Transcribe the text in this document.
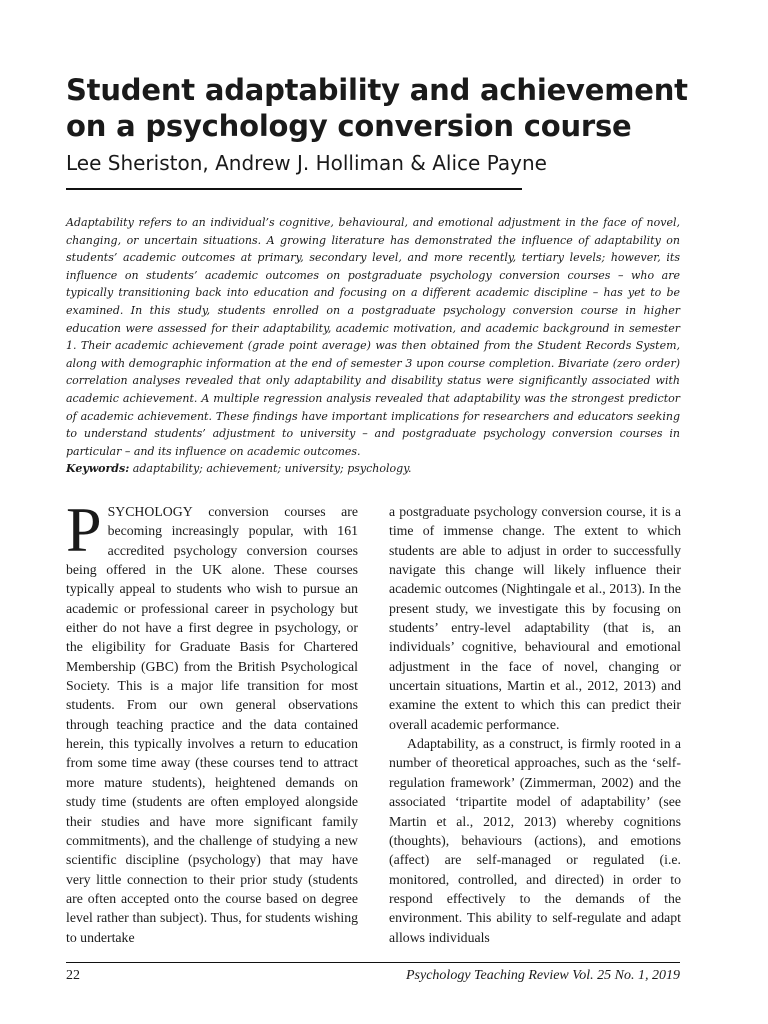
Student adaptability and achievement on a psychology conversion course
Lee Sheriston, Andrew J. Holliman & Alice Payne
Adaptability refers to an individual’s cognitive, behavioural, and emotional adjustment in the face of novel, changing, or uncertain situations. A growing literature has demonstrated the influence of adaptability on students’ academic outcomes at primary, secondary level, and more recently, tertiary levels; however, its influence on students’ academic outcomes on postgraduate psychology conversion courses – who are typically transitioning back into education and focusing on a different academic discipline – has yet to be examined. In this study, students enrolled on a postgraduate psychology conversion course in higher education were assessed for their adaptability, academic motivation, and academic background in semester 1. Their academic achievement (grade point average) was then obtained from the Student Records System, along with demographic information at the end of semester 3 upon course completion. Bivariate (zero order) correlation analyses revealed that only adaptability and disability status were significantly associated with academic achievement. A multiple regression analysis revealed that adaptability was the strongest predictor of academic achievement. These findings have important implications for researchers and educators seeking to understand students’ adjustment to university – and postgraduate psychology conversion courses in particular – and its influence on academic outcomes.
Keywords: adaptability; achievement; university; psychology.

PSYCHOLOGY conversion courses are becoming increasingly popular, with 161 accredited psychology conversion courses being offered in the UK alone. These courses typically appeal to students who wish to pursue an academic or professional career in psychology but either do not have a first degree in psychology, or the eligibility for Graduate Basis for Chartered Membership (GBC) from the British Psychological Society. This is a major life transition for most students. From our own general observations through teaching practice and the data contained herein, this typically involves a return to education from some time away (these courses tend to attract more mature students), heightened demands on study time (students are often employed alongside their studies and have more significant family commitments), and the challenge of studying a new scientific discipline (psychology) that may have very little connection to their prior study (students are often accepted onto the course based on degree level rather than subject). Thus, for students wishing to undertake

a postgraduate psychology conversion course, it is a time of immense change. The extent to which students are able to adjust in order to successfully navigate this change will likely influence their academic outcomes (Nightingale et al., 2013). In the present study, we investigate this by focusing on students’ entry-level adaptability (that is, an individuals’ cognitive, behavioural and emotional adjustment in the face of novel, changing or uncertain situations, Martin et al., 2012, 2013) and examine the extent to which this can predict their overall academic performance.

Adaptability, as a construct, is firmly rooted in a number of theoretical approaches, such as the ‘self-regulation framework’ (Zimmerman, 2002) and the associated ‘tripartite model of adaptability’ (see Martin et al., 2012, 2013) whereby cognitions (thoughts), behaviours (actions), and emotions (affect) are self-managed or regulated (i.e. monitored, controlled, and directed) in order to respond effectively to the demands of the environment. This ability to self-regulate and adapt allows individuals

22	Psychology Teaching Review Vol. 25 No. 1, 2019
